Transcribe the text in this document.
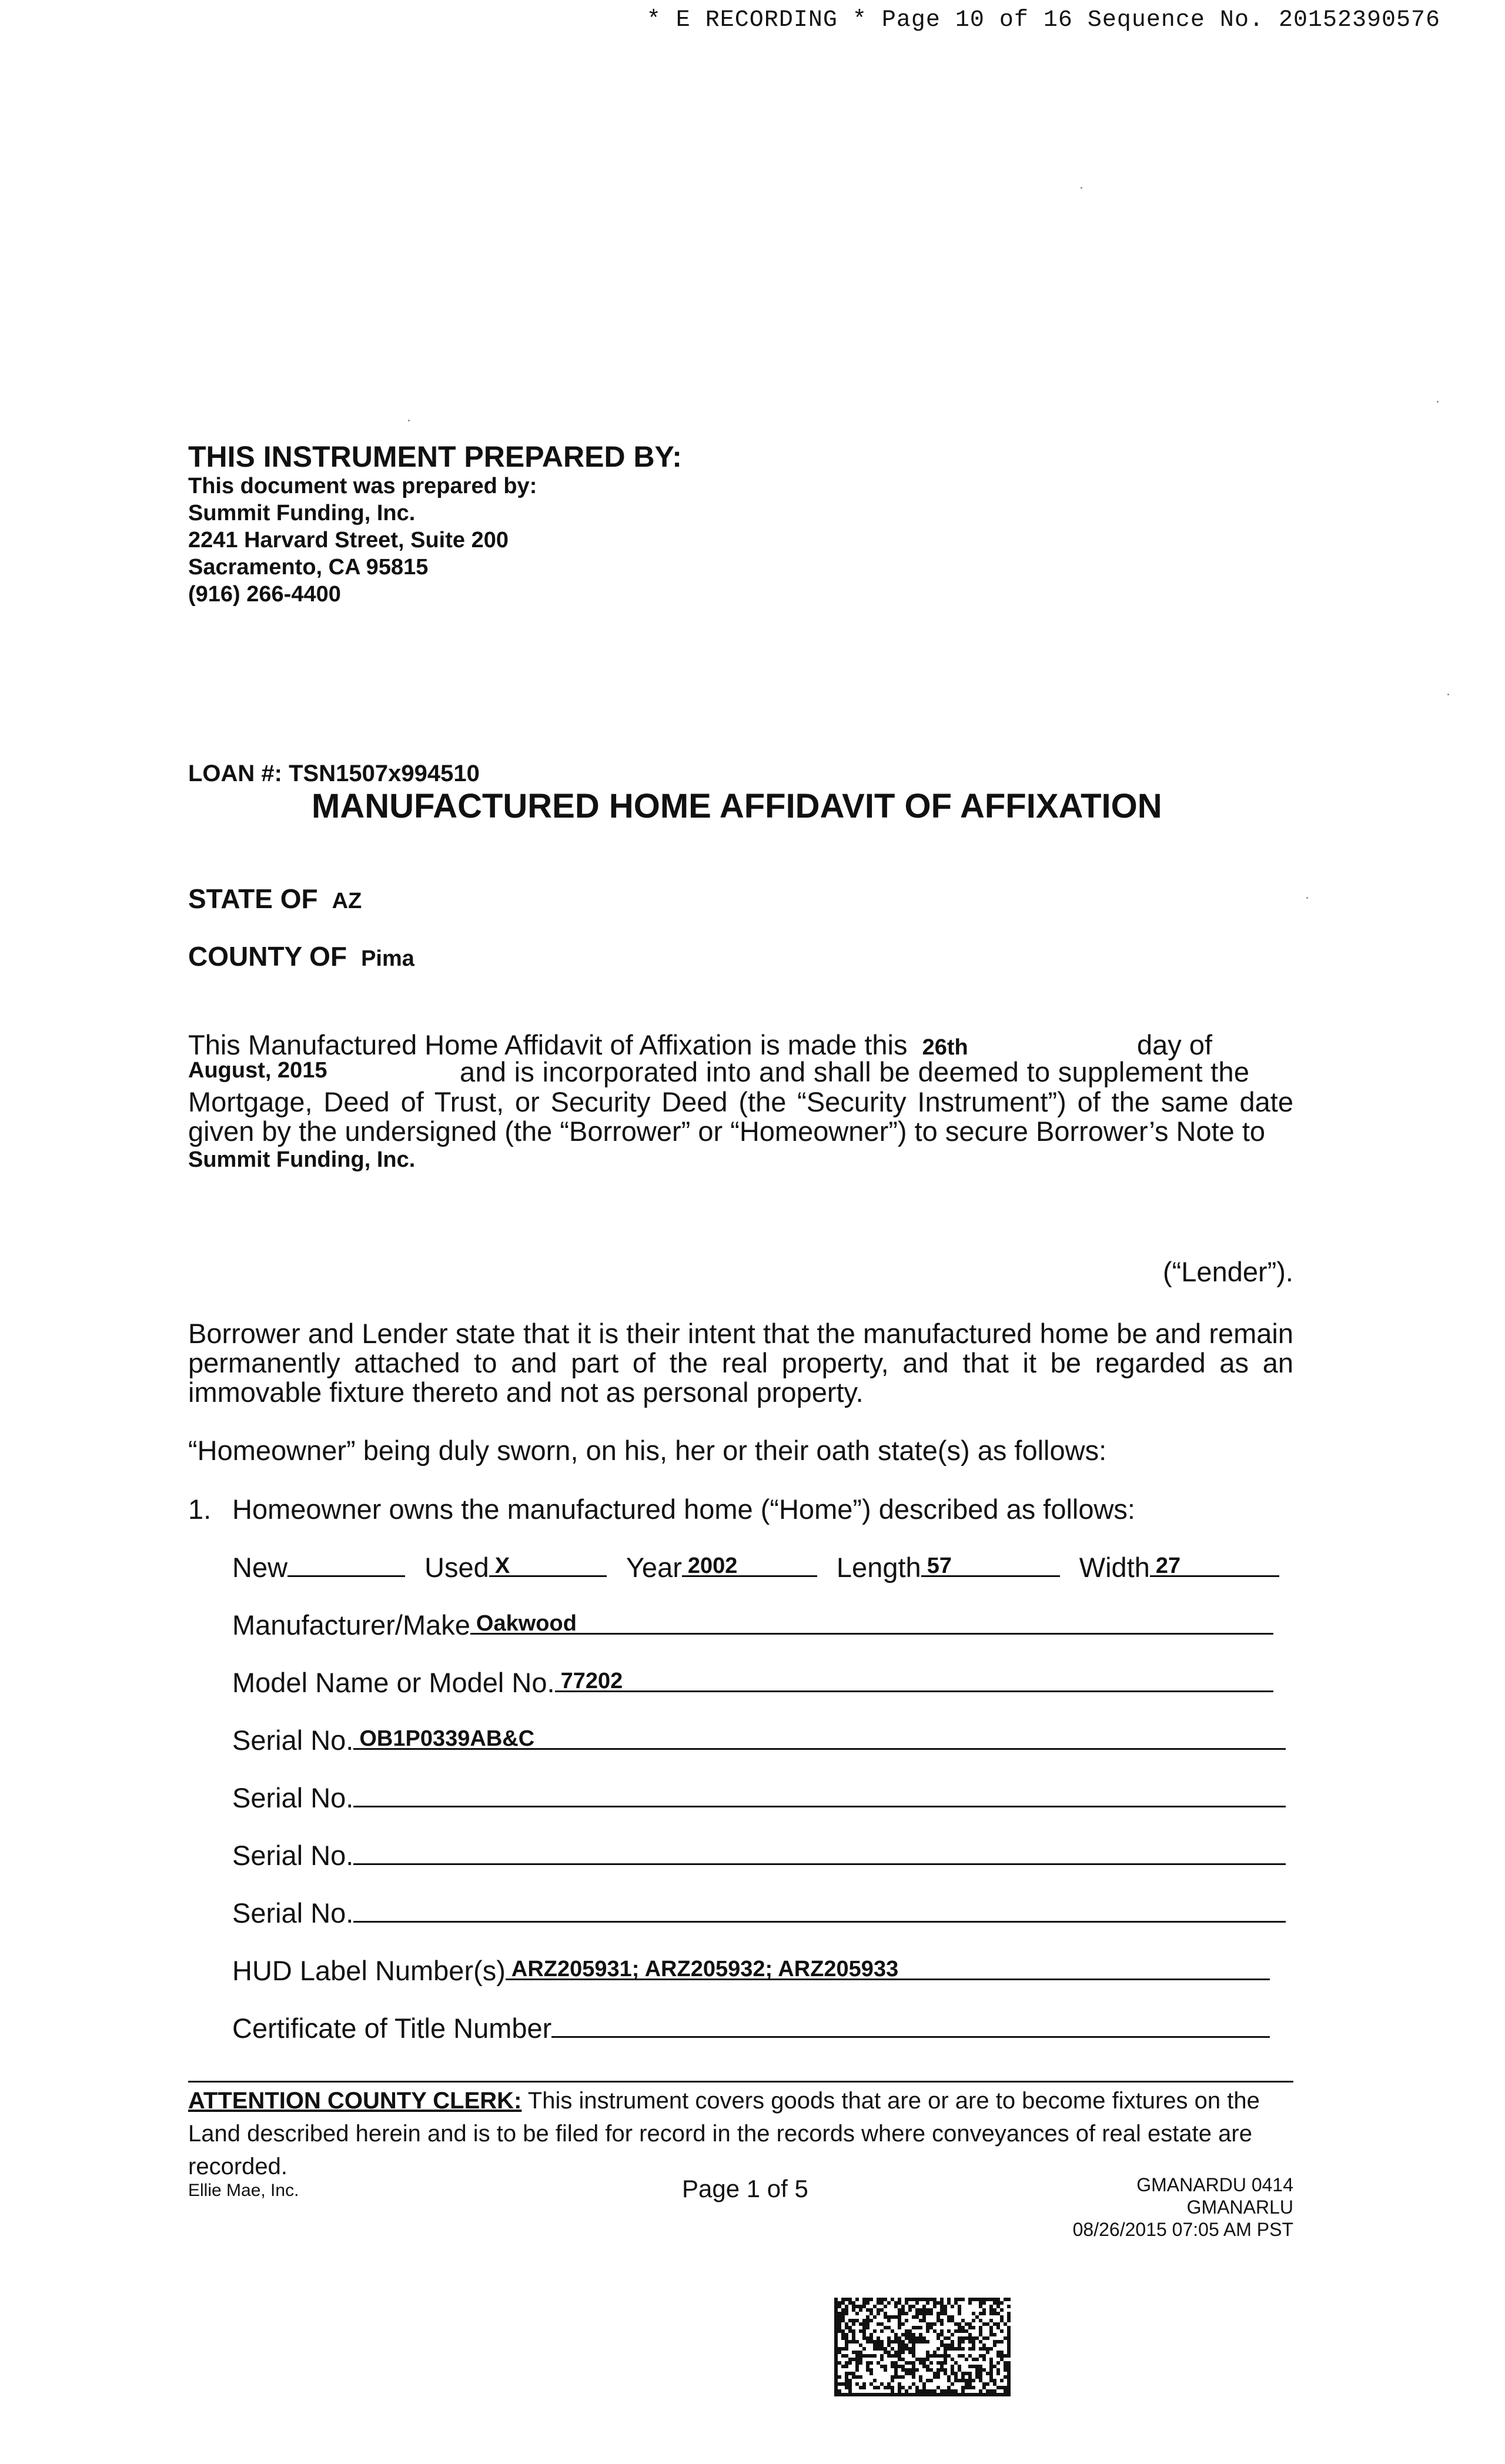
* E RECORDING * Page 10 of 16 Sequence No. 20152390576
THIS INSTRUMENT PREPARED BY:
This document was prepared by:
Summit Funding, Inc.
2241 Harvard Street, Suite 200
Sacramento, CA 95815
(916) 266-4400
LOAN #: TSN1507x994510
MANUFACTURED HOME AFFIDAVIT OF AFFIXATION
STATE OF AZ
COUNTY OF Pima
This Manufactured Home Affidavit of Affixation is made this 26th	day of
August, 2015	and is incorporated into and shall be deemed to supplement the
Mortgage, Deed of Trust, or Security Deed (the “Security Instrument”) of the same date given by the undersigned (the “Borrower” or “Homeowner”) to secure Borrower’s Note to
Summit Funding, Inc.
(“Lender”).
Borrower and Lender state that it is their intent that the manufactured home be and remain permanently attached to and part of the real property, and that it be regarded as an immovable fixture thereto and not as personal property.
“Homeowner” being duly sworn, on his, her or their oath state(s) as follows:
1. Homeowner owns the manufactured home (“Home”) described as follows:
New	Used X	Year 2002	Length 57	Width 27
Manufacturer/Make Oakwood
Model Name or Model No. 77202
Serial No. OB1P0339AB&C
Serial No.
Serial No.
Serial No.
HUD Label Number(s) ARZ205931; ARZ205932; ARZ205933
Certificate of Title Number
ATTENTION COUNTY CLERK: This instrument covers goods that are or are to become fixtures on the Land described herein and is to be filed for record in the records where conveyances of real estate are recorded.
Ellie Mae, Inc.	Page 1 of 5	GMANARDU 0414
GMANARLU
08/26/2015 07:05 AM PST
